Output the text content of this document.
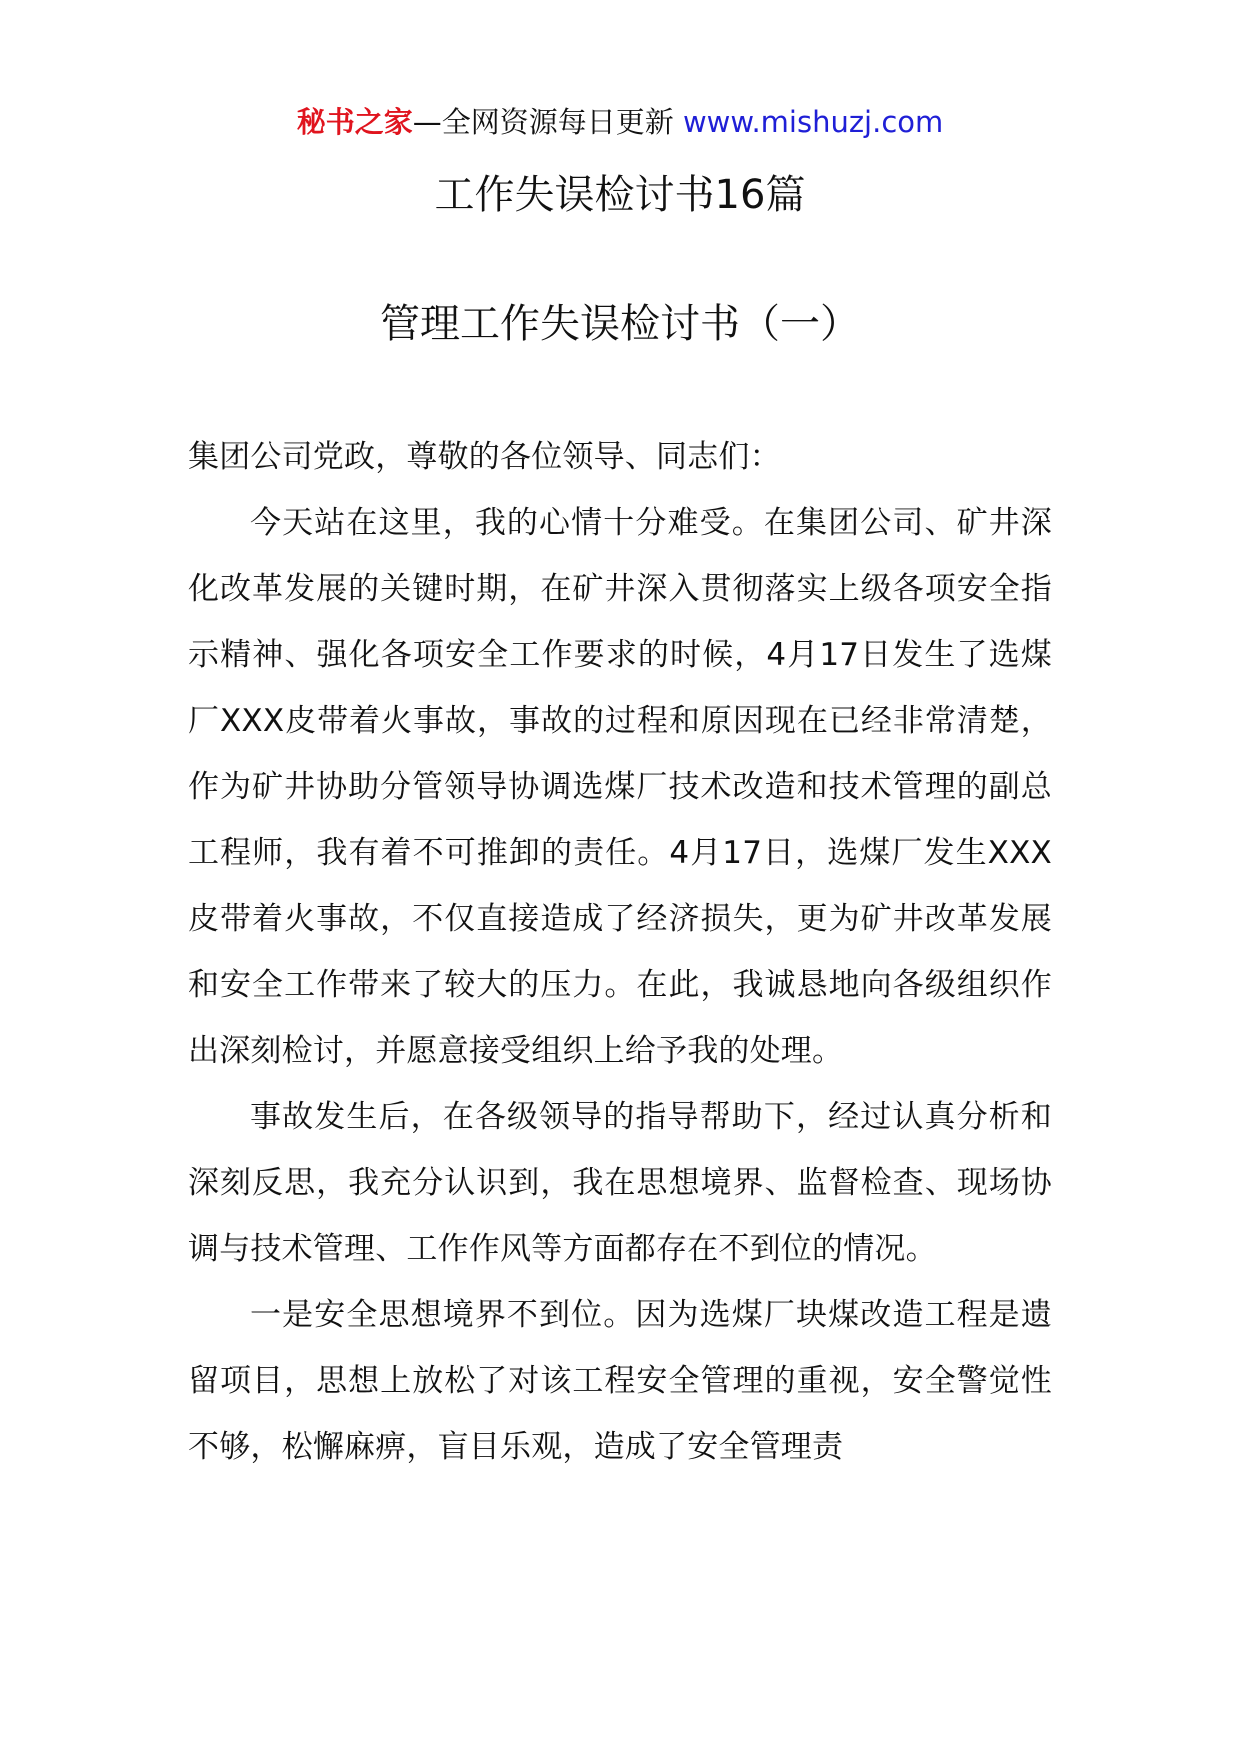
秘书之家—全网资源每日更新 www.mishuzj.com
工作失误检讨书16篇
管理工作失误检讨书（一）

集团公司党政，尊敬的各位领导、同志们：

今天站在这里，我的心情十分难受。在集团公司、矿井深化改革发展的关键时期，在矿井深入贯彻落实上级各项安全指示精神、强化各项安全工作要求的时候，4月17日发生了选煤厂XXX皮带着火事故，事故的过程和原因现在已经非常清楚，作为矿井协助分管领导协调选煤厂技术改造和技术管理的副总工程师，我有着不可推卸的责任。4月17日，选煤厂发生XXX皮带着火事故，不仅直接造成了经济损失，更为矿井改革发展和安全工作带来了较大的压力。在此，我诚恳地向各级组织作出深刻检讨，并愿意接受组织上给予我的处理。

事故发生后，在各级领导的指导帮助下，经过认真分析和深刻反思，我充分认识到，我在思想境界、监督检查、现场协调与技术管理、工作作风等方面都存在不到位的情况。

一是安全思想境界不到位。因为选煤厂块煤改造工程是遗留项目，思想上放松了对该工程安全管理的重视，安全警觉性不够，松懈麻痹，盲目乐观，造成了安全管理责
